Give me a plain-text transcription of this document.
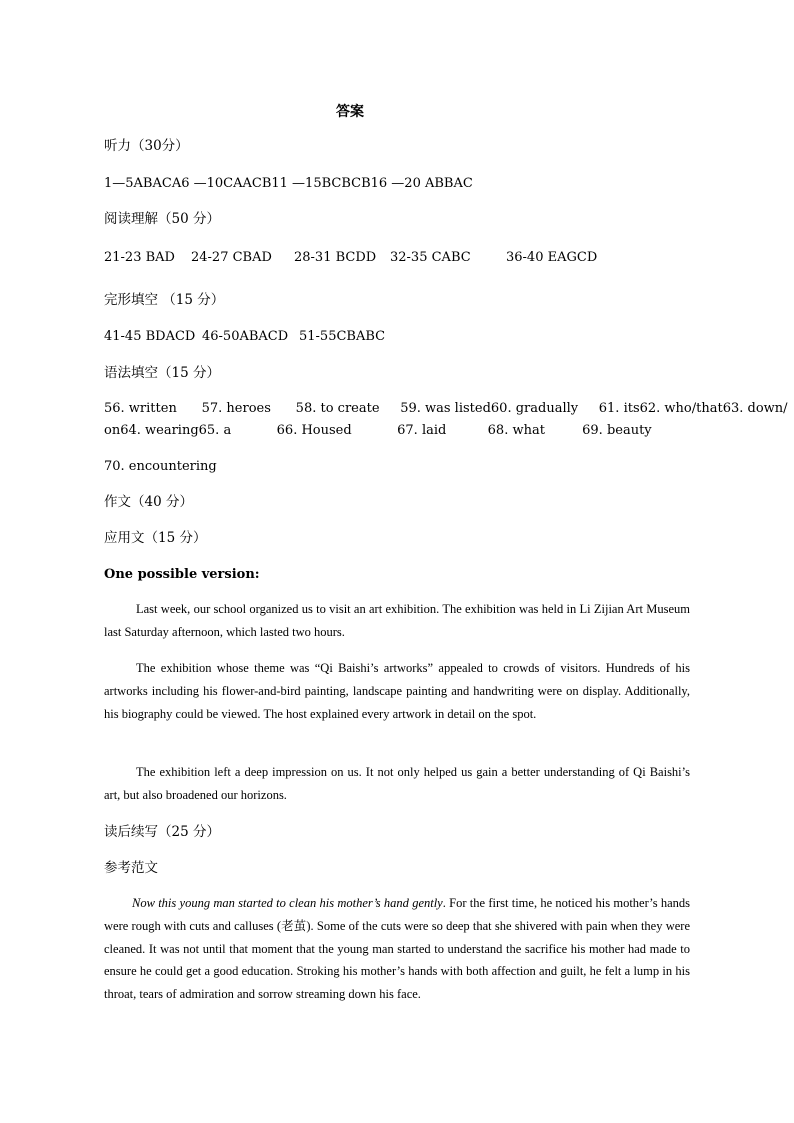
答案
听力（30分）
1—5ABACA6 —10CAACB11 —15BCBCB16 —20 ABBAC
阅读理解（50 分）
21-23 BAD 24-27 CBAD 28-31 BCDD 32-35 CABC	36-40 EAGCD
完形填空 （15 分）
41-45 BDACD 46-50ABACD 51-55CBABC
语法填空（15 分）
56. written      57. heroes      58. to create     59. was listed60. gradually     61. its62. who/that63. down/
on64. wearing65. a           66. Housed           67. laid          68. what         69. beauty
70. encountering
作文（40 分）
应用文（15 分）
One possible version:
Last week, our school organized us to visit an art exhibition. The exhibition was held in Li Zijian Art Museum last Saturday afternoon, which lasted two hours.
The exhibition whose theme was “Qi Baishi’s artworks” appealed to crowds of visitors. Hundreds of his artworks including his flower-and-bird painting, landscape painting and handwriting were on display. Additionally, his biography could be viewed. The host explained every artwork in detail on the spot.
The exhibition left a deep impression on us. It not only helped us gain a better understanding of Qi Baishi’s art, but also broadened our horizons.
读后续写（25 分）
参考范文
Now this young man started to clean his mother’s hand gently. For the first time, he noticed his mother’s hands were rough with cuts and calluses (老茧). Some of the cuts were so deep that she shivered with pain when they were cleaned. It was not until that moment that the young man started to understand the sacrifice his mother had made to ensure he could get a good education. Stroking his mother’s hands with both affection and guilt, he felt a lump in his throat, tears of admiration and sorrow streaming down his face.
